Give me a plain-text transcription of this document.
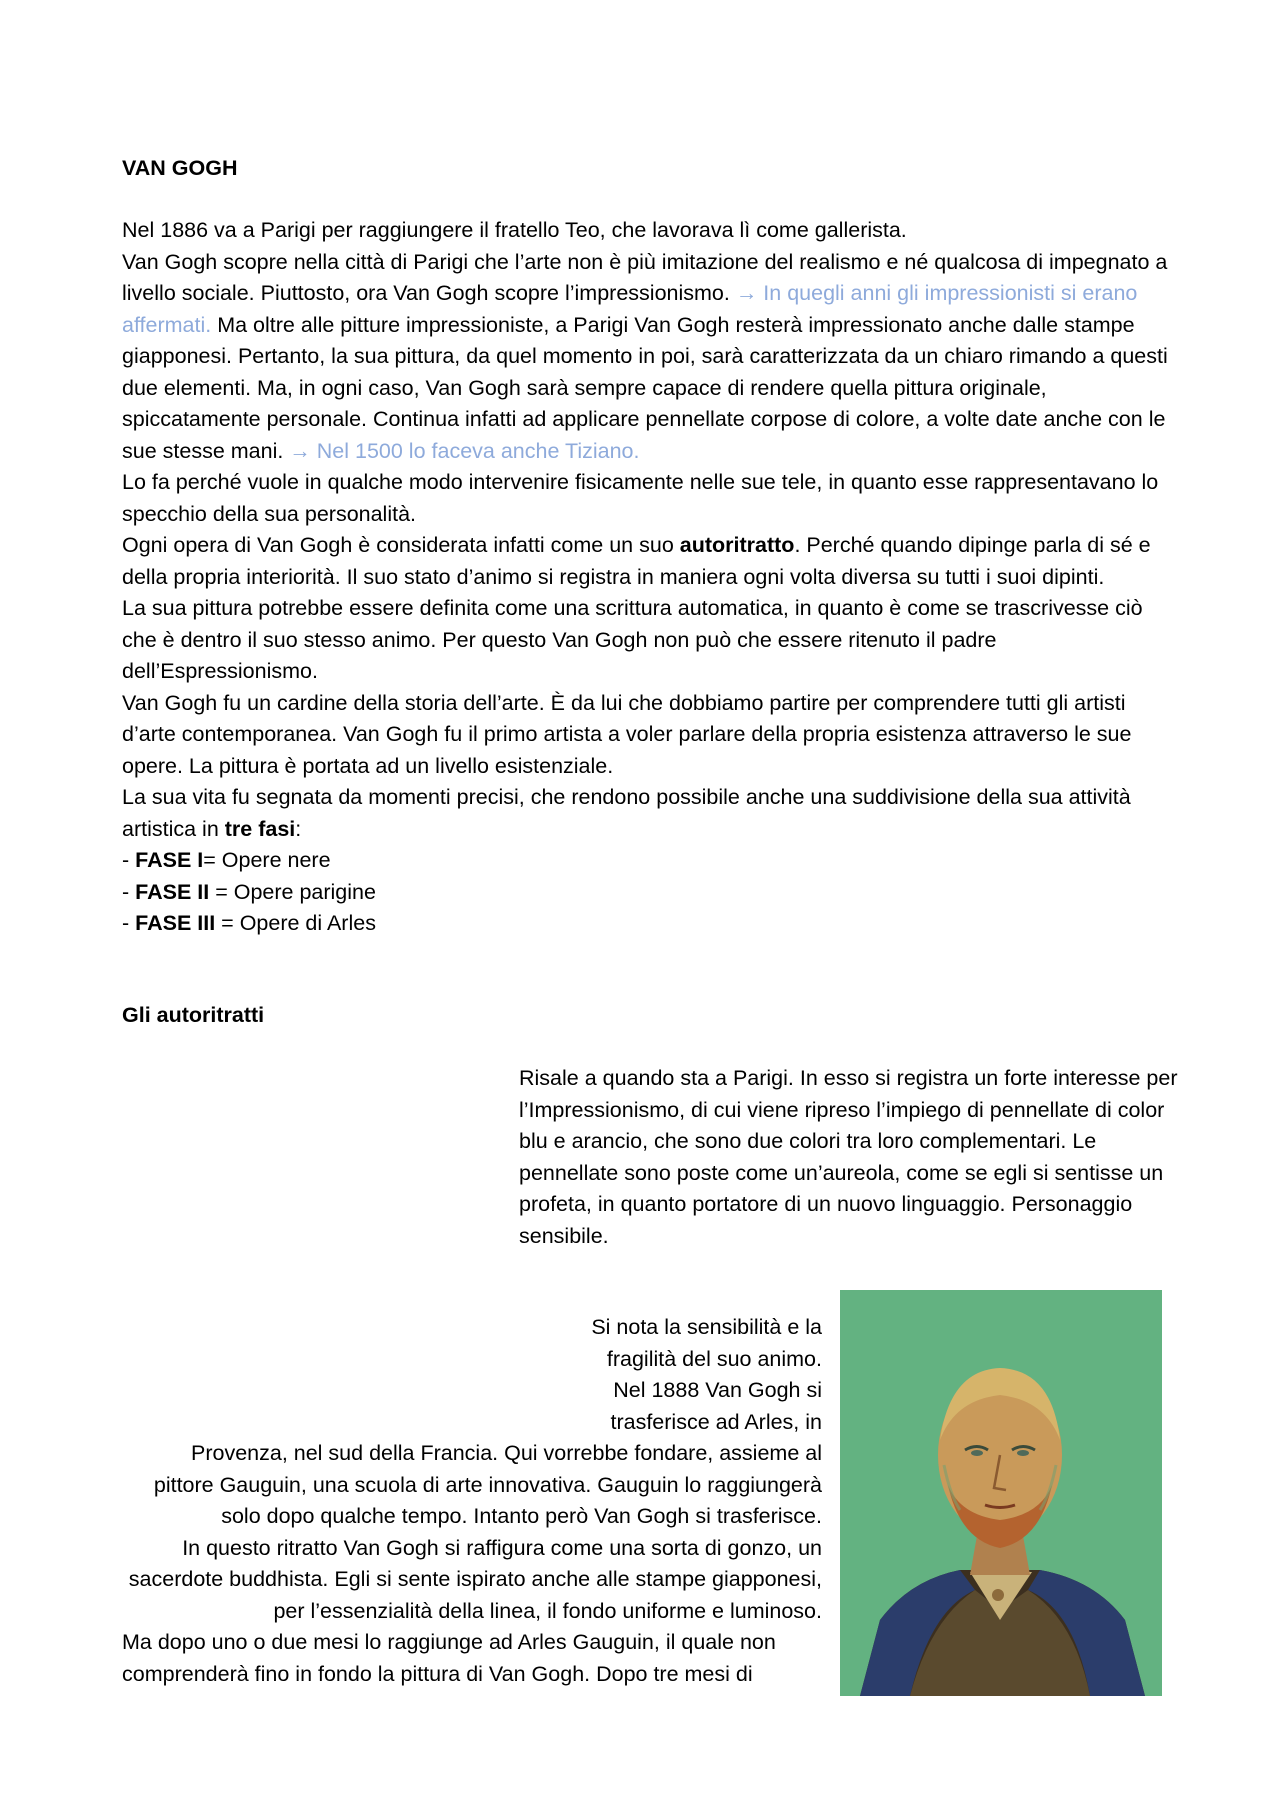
VAN GOGH

Nel 1886 va a Parigi per raggiungere il fratello Teo, che lavorava lì come gallerista.

Van Gogh scopre nella città di Parigi che l’arte non è più imitazione del realismo e né qualcosa di impegnato a livello sociale. Piuttosto, ora Van Gogh scopre l’impressionismo. → In quegli anni gli impressionisti si erano affermati. Ma oltre alle pitture impressioniste, a Parigi Van Gogh resterà impressionato anche dalle stampe giapponesi. Pertanto, la sua pittura, da quel momento in poi, sarà caratterizzata da un chiaro rimando a questi due elementi. Ma, in ogni caso, Van Gogh sarà sempre capace di rendere quella pittura originale, spiccatamente personale. Continua infatti ad applicare pennellate corpose di colore, a volte date anche con le sue stesse mani. → Nel 1500 lo faceva anche Tiziano.

Lo fa perché vuole in qualche modo intervenire fisicamente nelle sue tele, in quanto esse rappresentavano lo specchio della sua personalità.

Ogni opera di Van Gogh è considerata infatti come un suo autoritratto. Perché quando dipinge parla di sé e della propria interiorità. Il suo stato d’animo si registra in maniera ogni volta diversa su tutti i suoi dipinti.

La sua pittura potrebbe essere definita come una scrittura automatica, in quanto è come se trascrivesse ciò che è dentro il suo stesso animo. Per questo Van Gogh non può che essere ritenuto il padre dell’Espressionismo.

Van Gogh fu un cardine della storia dell’arte. È da lui che dobbiamo partire per comprendere tutti gli artisti d’arte contemporanea. Van Gogh fu il primo artista a voler parlare della propria esistenza attraverso le sue opere. La pittura è portata ad un livello esistenziale.

La sua vita fu segnata da momenti precisi, che rendono possibile anche una suddivisione della sua attività artistica in tre fasi:

- FASE I= Opere nere
- FASE II = Opere parigine
- FASE III = Opere di Arles
Gli autoritratti

Risale a quando sta a Parigi. In esso si registra un forte interesse per l’Impressionismo, di cui viene ripreso l’impiego di pennellate di color blu e arancio, che sono due colori tra loro complementari. Le pennellate sono poste come un’aureola, come se egli si sentisse un profeta, in quanto portatore di un nuovo linguaggio. Personaggio sensibile.

Si nota la sensibilità e la
fragilità del suo animo.
Nel 1888 Van Gogh si
trasferisce ad Arles, in
Provenza, nel sud della Francia. Qui vorrebbe fondare, assieme al
pittore Gauguin, una scuola di arte innovativa. Gauguin lo raggiungerà
solo dopo qualche tempo. Intanto però Van Gogh si trasferisce.
In questo ritratto Van Gogh si raffigura come una sorta di gonzo, un
sacerdote buddhista. Egli si sente ispirato anche alle stampe giapponesi,
per l’essenzialità della linea, il fondo uniforme e luminoso.
Ma dopo uno o due mesi lo raggiunge ad Arles Gauguin, il quale non
comprenderà fino in fondo la pittura di Van Gogh. Dopo tre mesi di
